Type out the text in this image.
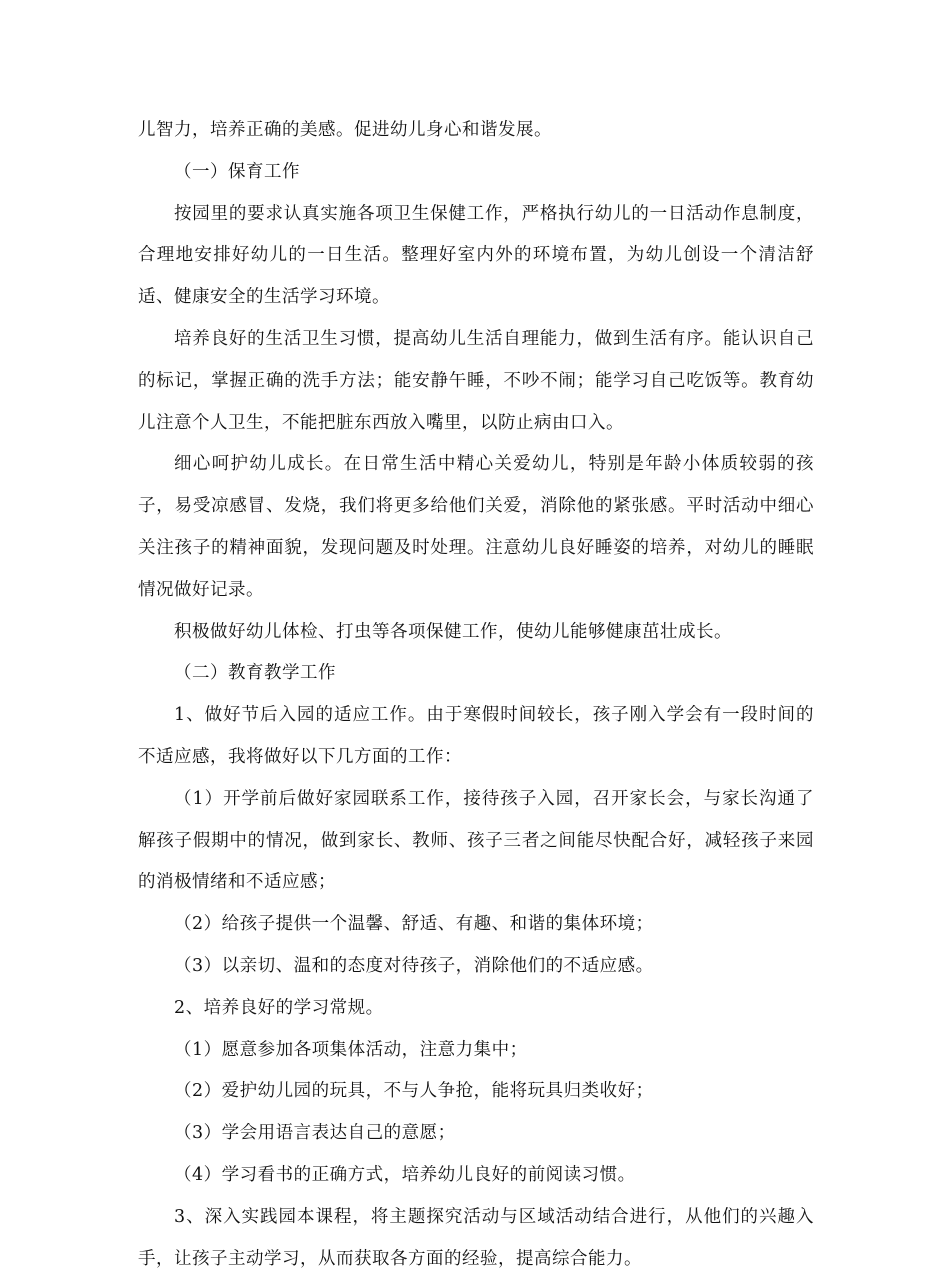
儿智力，培养正确的美感。促进幼儿身心和谐发展。

（一）保育工作

按园里的要求认真实施各项卫生保健工作，严格执行幼儿的一日活动作息制度，合理地安排好幼儿的一日生活。整理好室内外的环境布置，为幼儿创设一个清洁舒适、健康安全的生活学习环境。

培养良好的生活卫生习惯，提高幼儿生活自理能力，做到生活有序。能认识自己的标记，掌握正确的洗手方法；能安静午睡，不吵不闹；能学习自己吃饭等。教育幼儿注意个人卫生，不能把脏东西放入嘴里，以防止病由口入。

细心呵护幼儿成长。在日常生活中精心关爱幼儿，特别是年龄小体质较弱的孩子，易受凉感冒、发烧，我们将更多给他们关爱，消除他的紧张感。平时活动中细心关注孩子的精神面貌，发现问题及时处理。注意幼儿良好睡姿的培养，对幼儿的睡眠情况做好记录。

积极做好幼儿体检、打虫等各项保健工作，使幼儿能够健康茁壮成长。

（二）教育教学工作

1、做好节后入园的适应工作。由于寒假时间较长，孩子刚入学会有一段时间的不适应感，我将做好以下几方面的工作：

（1）开学前后做好家园联系工作，接待孩子入园，召开家长会，与家长沟通了解孩子假期中的情况，做到家长、教师、孩子三者之间能尽快配合好，减轻孩子来园的消极情绪和不适应感；

（2）给孩子提供一个温馨、舒适、有趣、和谐的集体环境；

（3）以亲切、温和的态度对待孩子，消除他们的不适应感。

2、培养良好的学习常规。

（1）愿意参加各项集体活动，注意力集中；

（2）爱护幼儿园的玩具，不与人争抢，能将玩具归类收好；

（3）学会用语言表达自己的意愿；

（4）学习看书的正确方式，培养幼儿良好的前阅读习惯。

3、深入实践园本课程，将主题探究活动与区域活动结合进行，从他们的兴趣入手，让孩子主动学习，从而获取各方面的经验，提高综合能力。
